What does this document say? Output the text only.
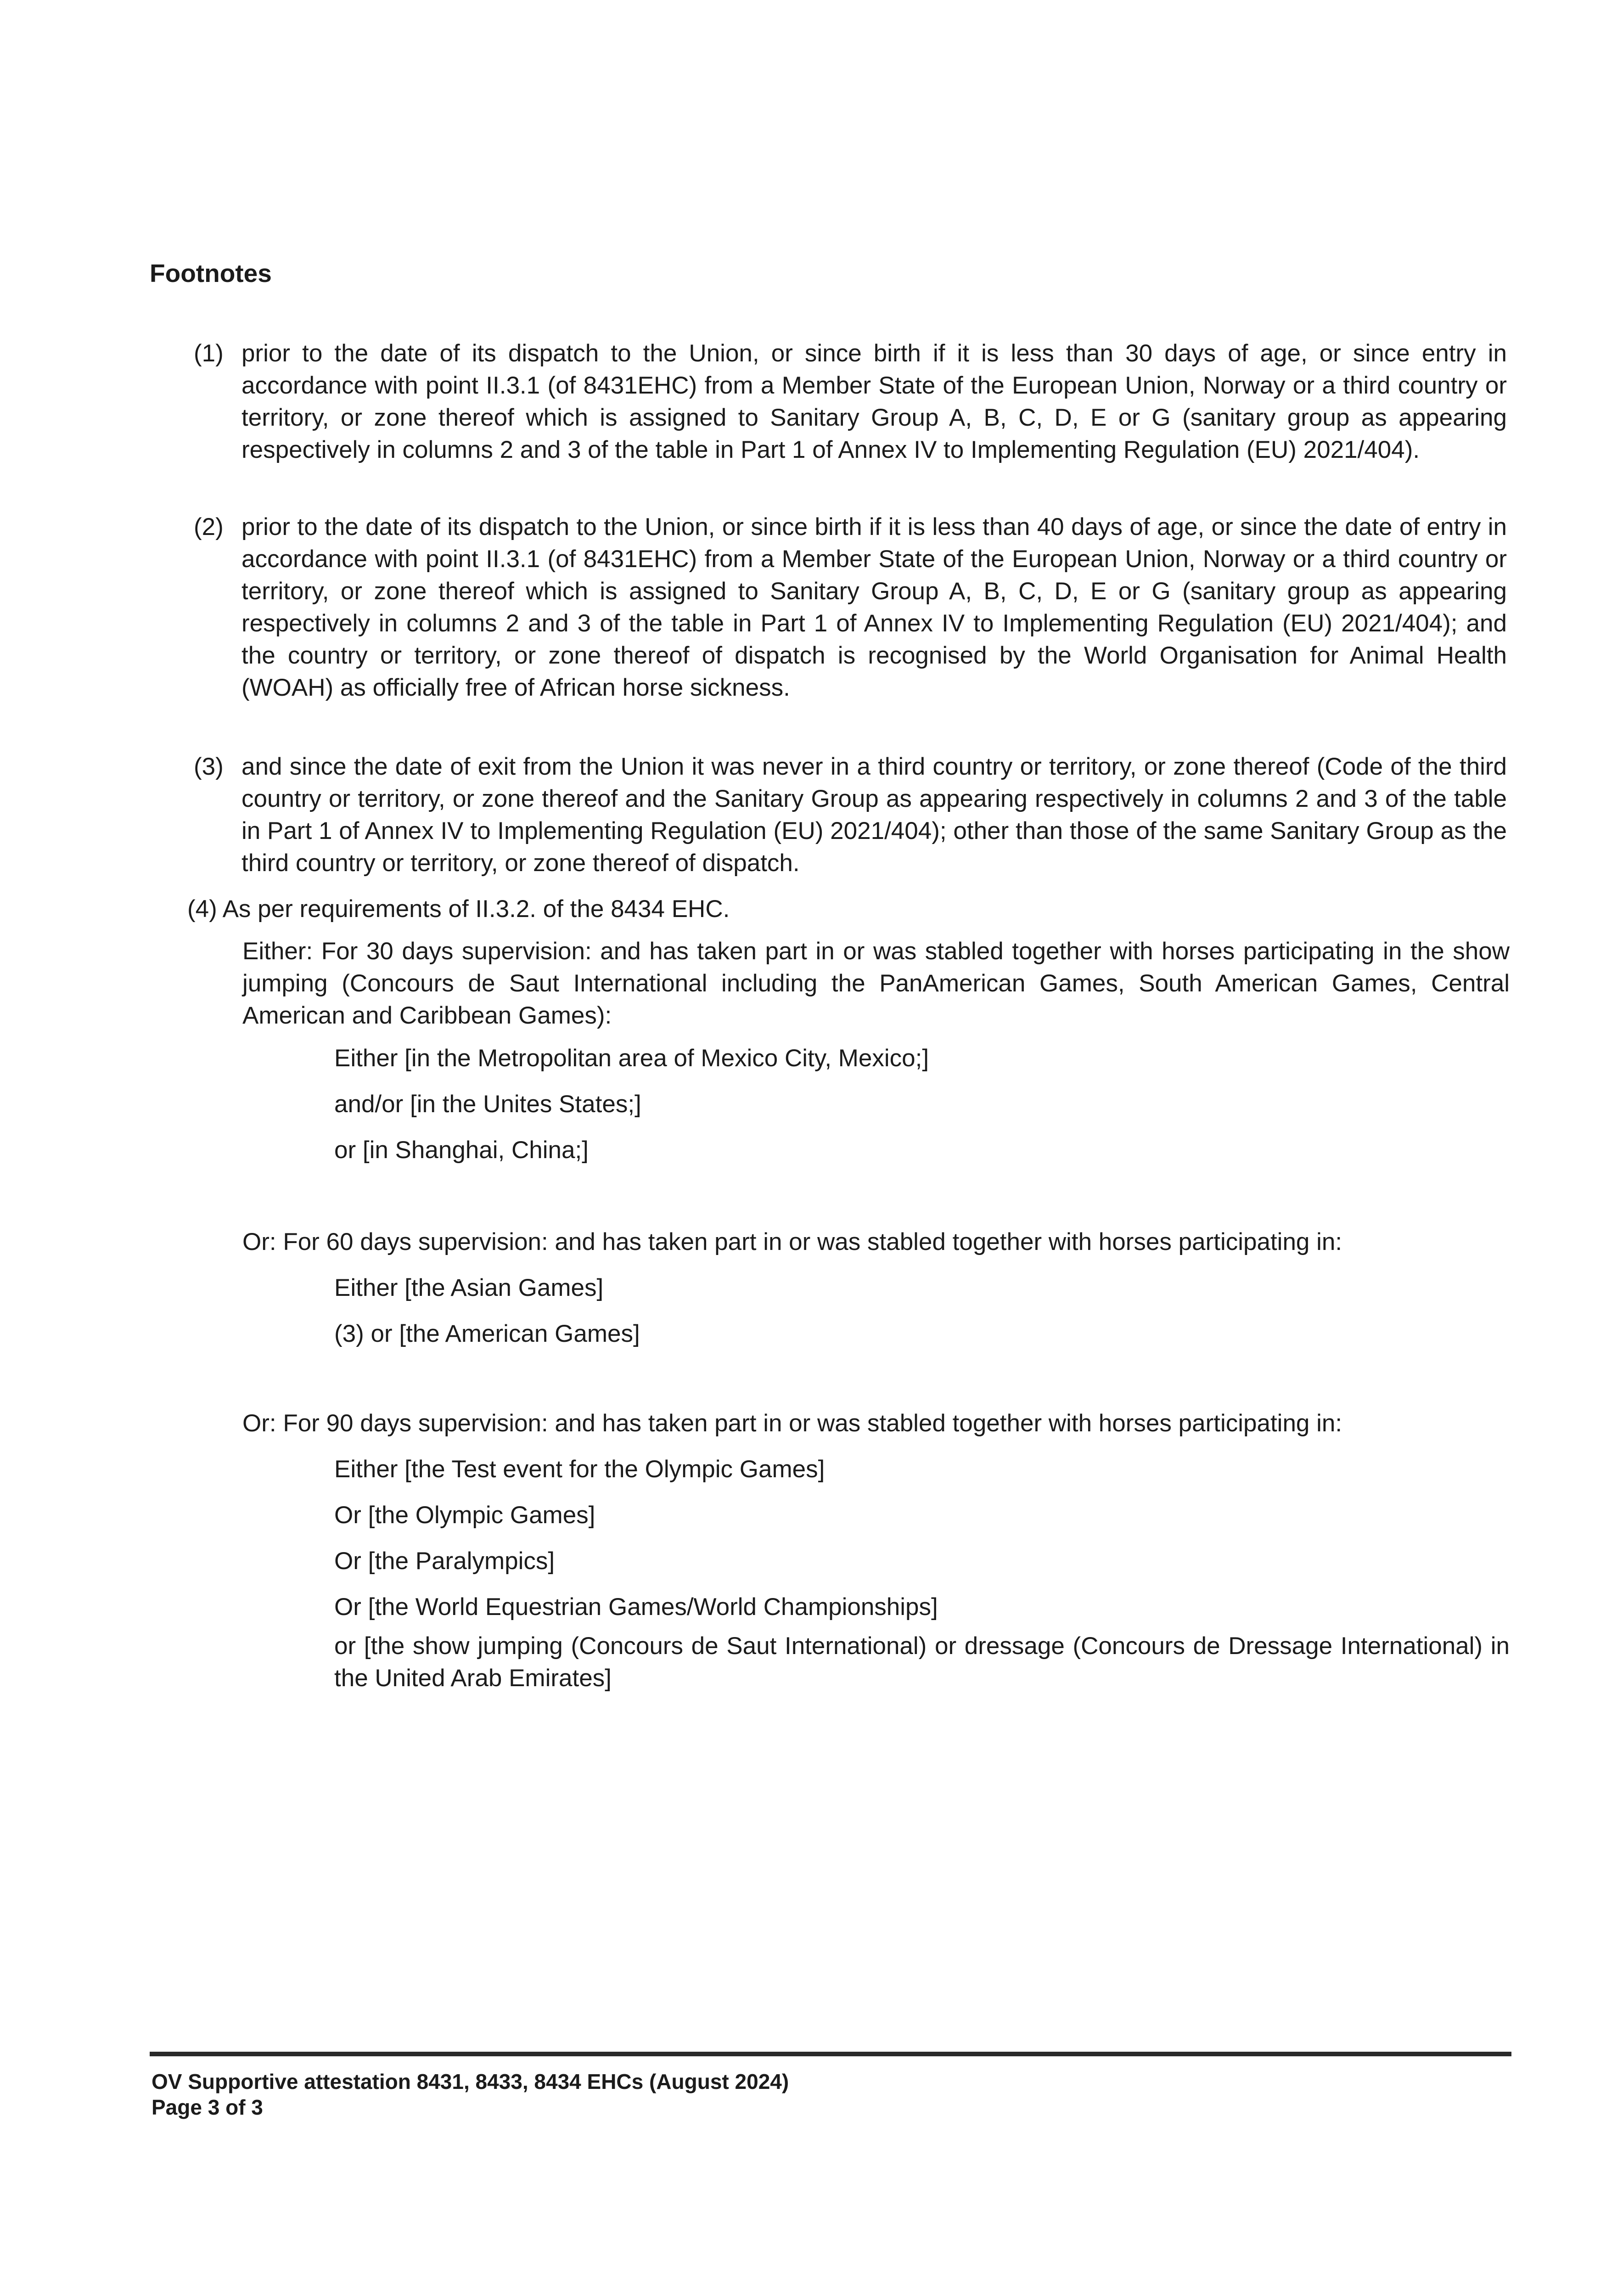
Footnotes
(1) prior to the date of its dispatch to the Union, or since birth if it is less than 30 days of age, or since entry in accordance with point II.3.1 (of 8431EHC) from a Member State of the European Union, Norway or a third country or territory, or zone thereof which is assigned to Sanitary Group A, B, C, D, E or G (sanitary group as appearing respectively in columns 2 and 3 of the table in Part 1 of Annex IV to Implementing Regulation (EU) 2021/404).
(2) prior to the date of its dispatch to the Union, or since birth if it is less than 40 days of age, or since the date of entry in accordance with point II.3.1 (of 8431EHC) from a Member State of the European Union, Norway or a third country or territory, or zone thereof which is assigned to Sanitary Group A, B, C, D, E or G (sanitary group as appearing respectively in columns 2 and 3 of the table in Part 1 of Annex IV to Implementing Regulation (EU) 2021/404); and the country or territory, or zone thereof of dispatch is recognised by the World Organisation for Animal Health (WOAH) as officially free of African horse sickness.
(3) and since the date of exit from the Union it was never in a third country or territory, or zone thereof (Code of the third country or territory, or zone thereof and the Sanitary Group as appearing respectively in columns 2 and 3 of the table in Part 1 of Annex IV to Implementing Regulation (EU) 2021/404); other than those of the same Sanitary Group as the third country or territory, or zone thereof of dispatch.
(4) As per requirements of II.3.2. of the 8434 EHC.
Either: For 30 days supervision: and has taken part in or was stabled together with horses participating in the show jumping (Concours de Saut International including the PanAmerican Games, South American Games, Central American and Caribbean Games):
Either [in the Metropolitan area of Mexico City, Mexico;]
and/or [in the Unites States;]
or [in Shanghai, China;]
Or: For 60 days supervision: and has taken part in or was stabled together with horses participating in:
Either [the Asian Games]
(3) or [the American Games]
Or: For 90 days supervision: and has taken part in or was stabled together with horses participating in:
Either [the Test event for the Olympic Games]
Or [the Olympic Games]
Or [the Paralympics]
Or [the World Equestrian Games/World Championships]
or [the show jumping (Concours de Saut International) or dressage (Concours de Dressage International) in the United Arab Emirates]
OV Supportive attestation 8431, 8433, 8434 EHCs (August 2024)
Page 3 of 3
